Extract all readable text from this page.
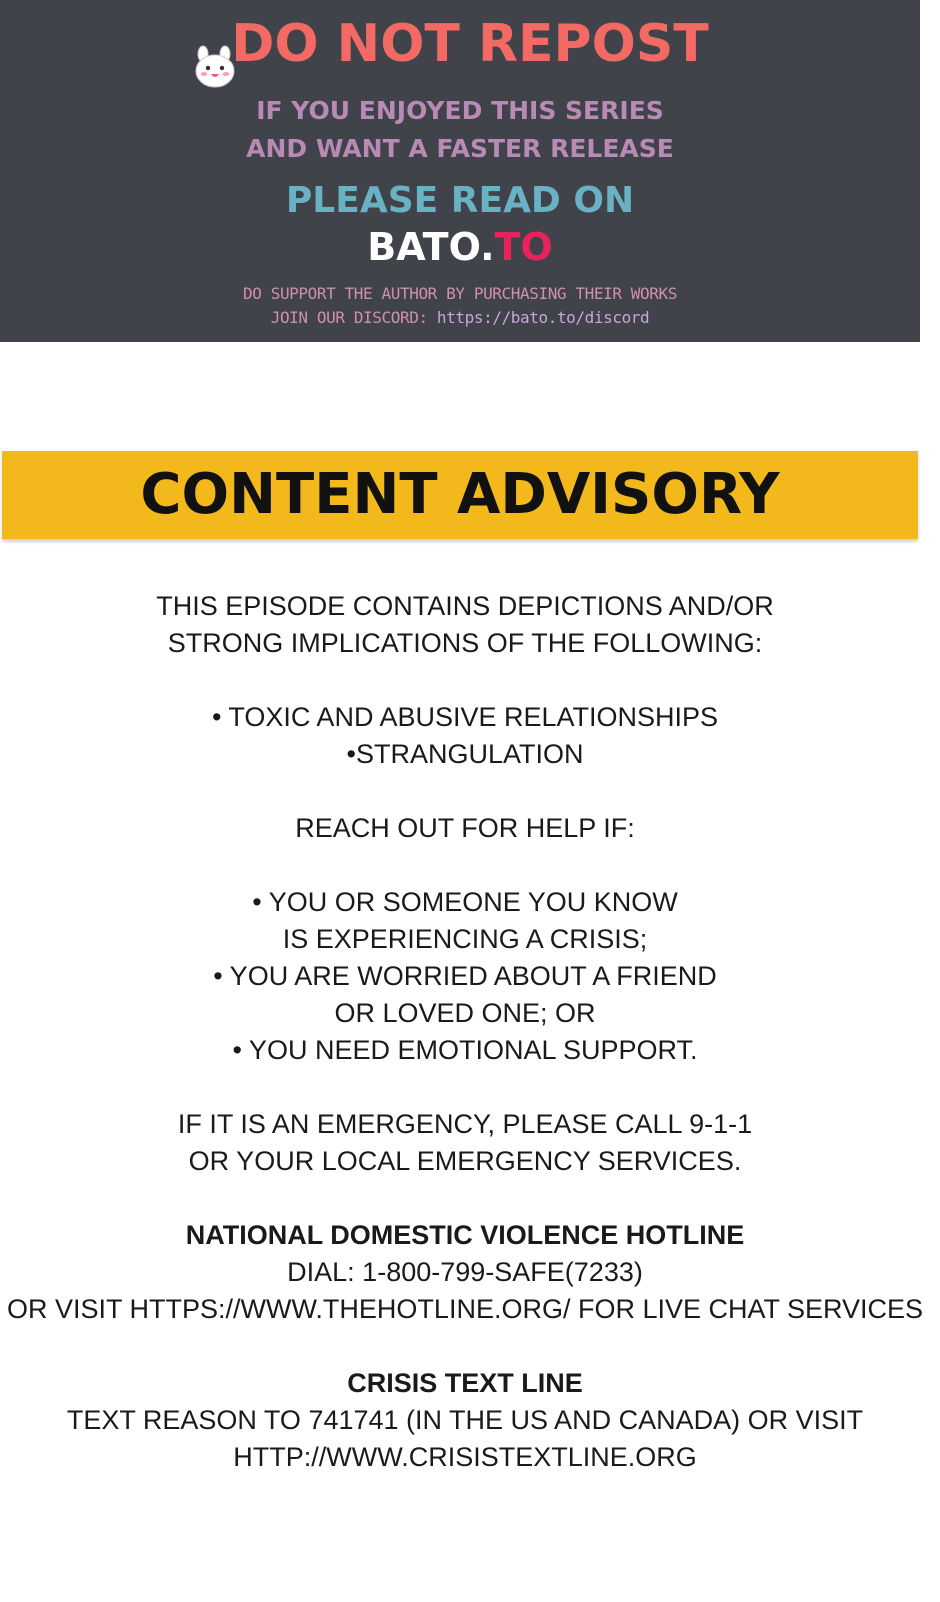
DO NOT REPOST
IF YOU ENJOYED THIS SERIES
AND WANT A FASTER RELEASE
PLEASE READ ON
BATO.TO
DO SUPPORT THE AUTHOR BY PURCHASING THEIR WORKS
JOIN OUR DISCORD: https://bato.to/discord
CONTENT ADVISORY
THIS EPISODE CONTAINS DEPICTIONS AND/OR
STRONG IMPLICATIONS OF THE FOLLOWING:
• TOXIC AND ABUSIVE RELATIONSHIPS
•STRANGULATION
REACH OUT FOR HELP IF:
• YOU OR SOMEONE YOU KNOW
IS EXPERIENCING A CRISIS;
• YOU ARE WORRIED ABOUT A FRIEND
OR LOVED ONE; OR
• YOU NEED EMOTIONAL SUPPORT.
IF IT IS AN EMERGENCY, PLEASE CALL 9-1-1
OR YOUR LOCAL EMERGENCY SERVICES.
NATIONAL DOMESTIC VIOLENCE HOTLINE
DIAL: 1-800-799-SAFE(7233)
OR VISIT HTTPS://WWW.THEHOTLINE.ORG/ FOR LIVE CHAT SERVICES
CRISIS TEXT LINE
TEXT REASON TO 741741 (IN THE US AND CANADA) OR VISIT
HTTP://WWW.CRISISTEXTLINE.ORG
